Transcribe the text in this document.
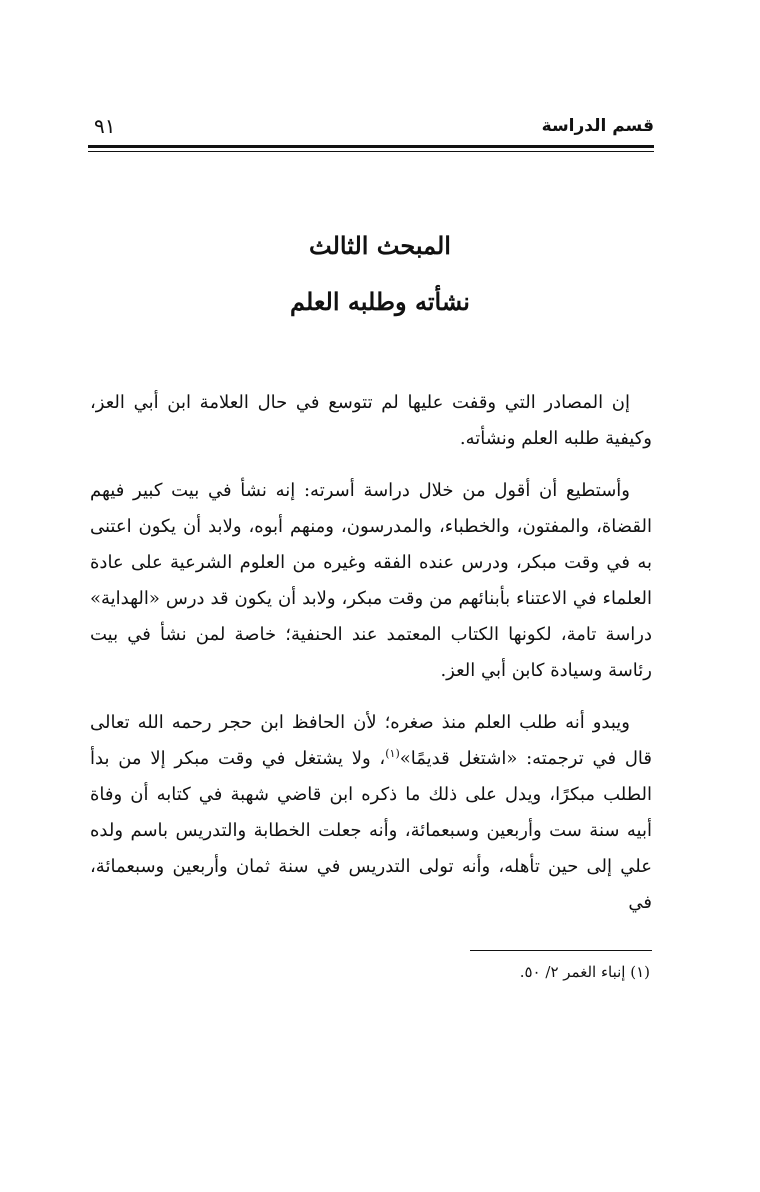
قسم الدراسة
٩١
المبحث الثالث
نشأته وطلبه العلم

إن المصادر التي وقفت عليها لم تتوسع في حال العلامة ابن أبي العز، وكيفية طلبه العلم ونشأته.

وأستطيع أن أقول من خلال دراسة أسرته: إنه نشأ في بيت كبير فيهم القضاة، والمفتون، والخطباء، والمدرسون، ومنهم أبوه، ولابد أن يكون اعتنى به في وقت مبكر، ودرس عنده الفقه وغيره من العلوم الشرعية على عادة العلماء في الاعتناء بأبنائهم من وقت مبكر، ولابد أن يكون قد درس «الهداية» دراسة تامة، لكونها الكتاب المعتمد عند الحنفية؛ خاصة لمن نشأ في بيت رئاسة وسيادة كابن أبي العز.

ويبدو أنه طلب العلم منذ صغره؛ لأن الحافظ ابن حجر رحمه الله تعالى قال في ترجمته: «اشتغل قديمًا»$^{(١)}$، ولا يشتغل في وقت مبكر إلا من بدأ الطلب مبكرًا، ويدل على ذلك ما ذكره ابن قاضي شهبة في كتابه أن وفاة أبيه سنة ست وأربعين وسبعمائة، وأنه جعلت الخطابة والتدريس باسم ولده علي إلى حين تأهله، وأنه تولى التدريس في سنة ثمان وأربعين وسبعمائة، في

(١) إنباء الغمر ٢/ ٥٠.
